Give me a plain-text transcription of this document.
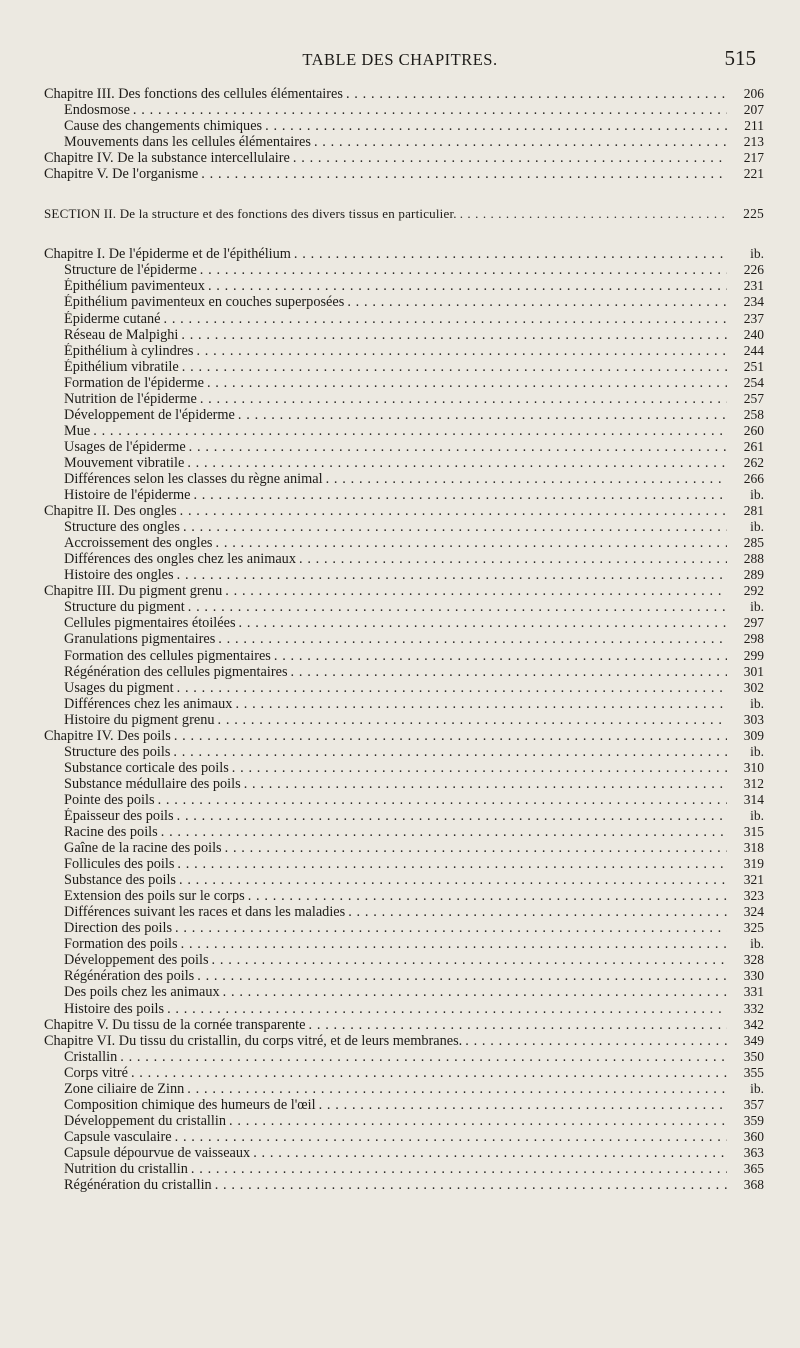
TABLE DES CHAPITRES.	515
Chapitre III. Des fonctions des cellules élémentaires . . .	206
Endosmose . . .	207
Cause des changements chimiques . . .	211
Mouvements dans les cellules élémentaires . . .	213
Chapitre IV. De la substance intercellulaire . . .	217
Chapitre V. De l'organisme . . .	221
SECTION II. De la structure et des fonctions des divers tissus en particulier. . . .	225
Chapitre I. De l'épiderme et de l'épithélium . . .	ib.
Structure de l'épiderme . . .	226
Épithélium pavimenteux . . .	231
Épithélium pavimenteux en couches superposées . . .	234
Épiderme cutané . . .	237
Réseau de Malpighi . . .	240
Épithélium à cylindres . . .	244
Épithélium vibratile . . .	251
Formation de l'épiderme . . .	254
Nutrition de l'épiderme . . .	257
Développement de l'épiderme . . .	258
Mue . . .	260
Usages de l'épiderme . . .	261
Mouvement vibratile . . .	262
Différences selon les classes du règne animal . . .	266
Histoire de l'épiderme . . .	ib.
Chapitre II. Des ongles . . .	281
Structure des ongles . . .	ib.
Accroissement des ongles . . .	285
Différences des ongles chez les animaux . . .	288
Histoire des ongles . . .	289
Chapitre III. Du pigment grenu . . .	292
Structure du pigment . . .	ib.
Cellules pigmentaires étoilées . . .	297
Granulations pigmentaires . . .	298
Formation des cellules pigmentaires . . .	299
Régénération des cellules pigmentaires . . .	301
Usages du pigment . . .	302
Différences chez les animaux . . .	ib.
Histoire du pigment grenu . . .	303
Chapitre IV. Des poils . . .	309
Structure des poils . . .	ib.
Substance corticale des poils . . .	310
Substance médullaire des poils . . .	312
Pointe des poils . . .	314
Épaisseur des poils . . .	ib.
Racine des poils . . .	315
Gaîne de la racine des poils . . .	318
Follicules des poils . . .	319
Substance des poils . . .	321
Extension des poils sur le corps . . .	323
Différences suivant les races et dans les maladies . . .	324
Direction des poils . . .	325
Formation des poils . . .	ib.
Développement des poils . . .	328
Régénération des poils . . .	330
Des poils chez les animaux . . .	331
Histoire des poils . . .	332
Chapitre V. Du tissu de la cornée transparente . . .	342
Chapitre VI. Du tissu du cristallin, du corps vitré, et de leurs membranes. . . .	349
Cristallin . . .	350
Corps vitré . . .	355
Zone ciliaire de Zinn . . .	ib.
Composition chimique des humeurs de l'œil . . .	357
Développement du cristallin . . .	359
Capsule vasculaire . . .	360
Capsule dépourvue de vaisseaux . . .	363
Nutrition du cristallin . . .	365
Régénération du cristallin . . .	368
